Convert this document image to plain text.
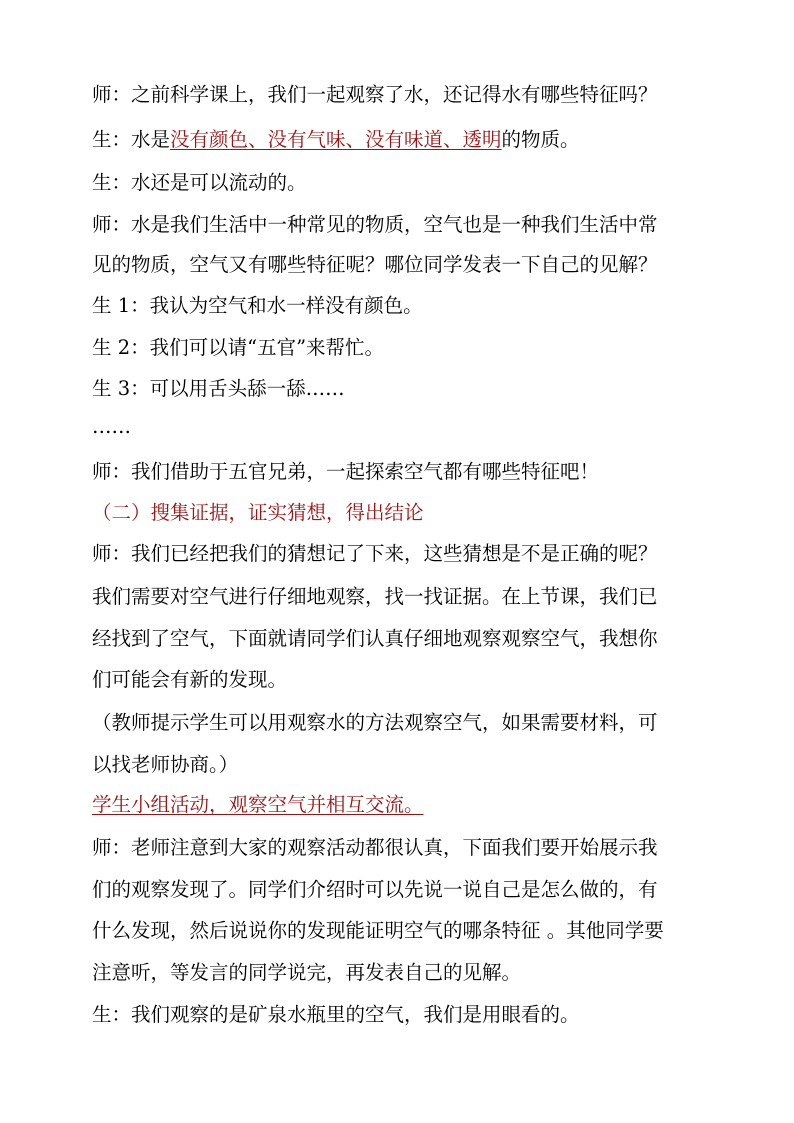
师：之前科学课上，我们一起观察了水，还记得水有哪些特征吗？
生：水是没有颜色、没有气味、没有味道、透明的物质。
生：水还是可以流动的。
师：水是我们生活中一种常见的物质，空气也是一种我们生活中常
见的物质，空气又有哪些特征呢？哪位同学发表一下自己的见解？
生 1：我认为空气和水一样没有颜色。
生 2：我们可以请“五官”来帮忙。
生 3：可以用舌头舔一舔……
……
师：我们借助于五官兄弟，一起探索空气都有哪些特征吧！
（二）搜集证据，证实猜想，得出结论
师：我们已经把我们的猜想记了下来，这些猜想是不是正确的呢？
我们需要对空气进行仔细地观察，找一找证据。在上节课，我们已
经找到了空气，下面就请同学们认真仔细地观察观察空气，我想你
们可能会有新的发现。
（教师提示学生可以用观察水的方法观察空气，如果需要材料，可
以找老师协商。）
学生小组活动，观察空气并相互交流。
师：老师注意到大家的观察活动都很认真，下面我们要开始展示我
们的观察发现了。同学们介绍时可以先说一说自己是怎么做的，有
什么发现，然后说说你的发现能证明空气的哪条特征 。其他同学要
注意听，等发言的同学说完，再发表自己的见解。
生：我们观察的是矿泉水瓶里的空气，我们是用眼看的。
